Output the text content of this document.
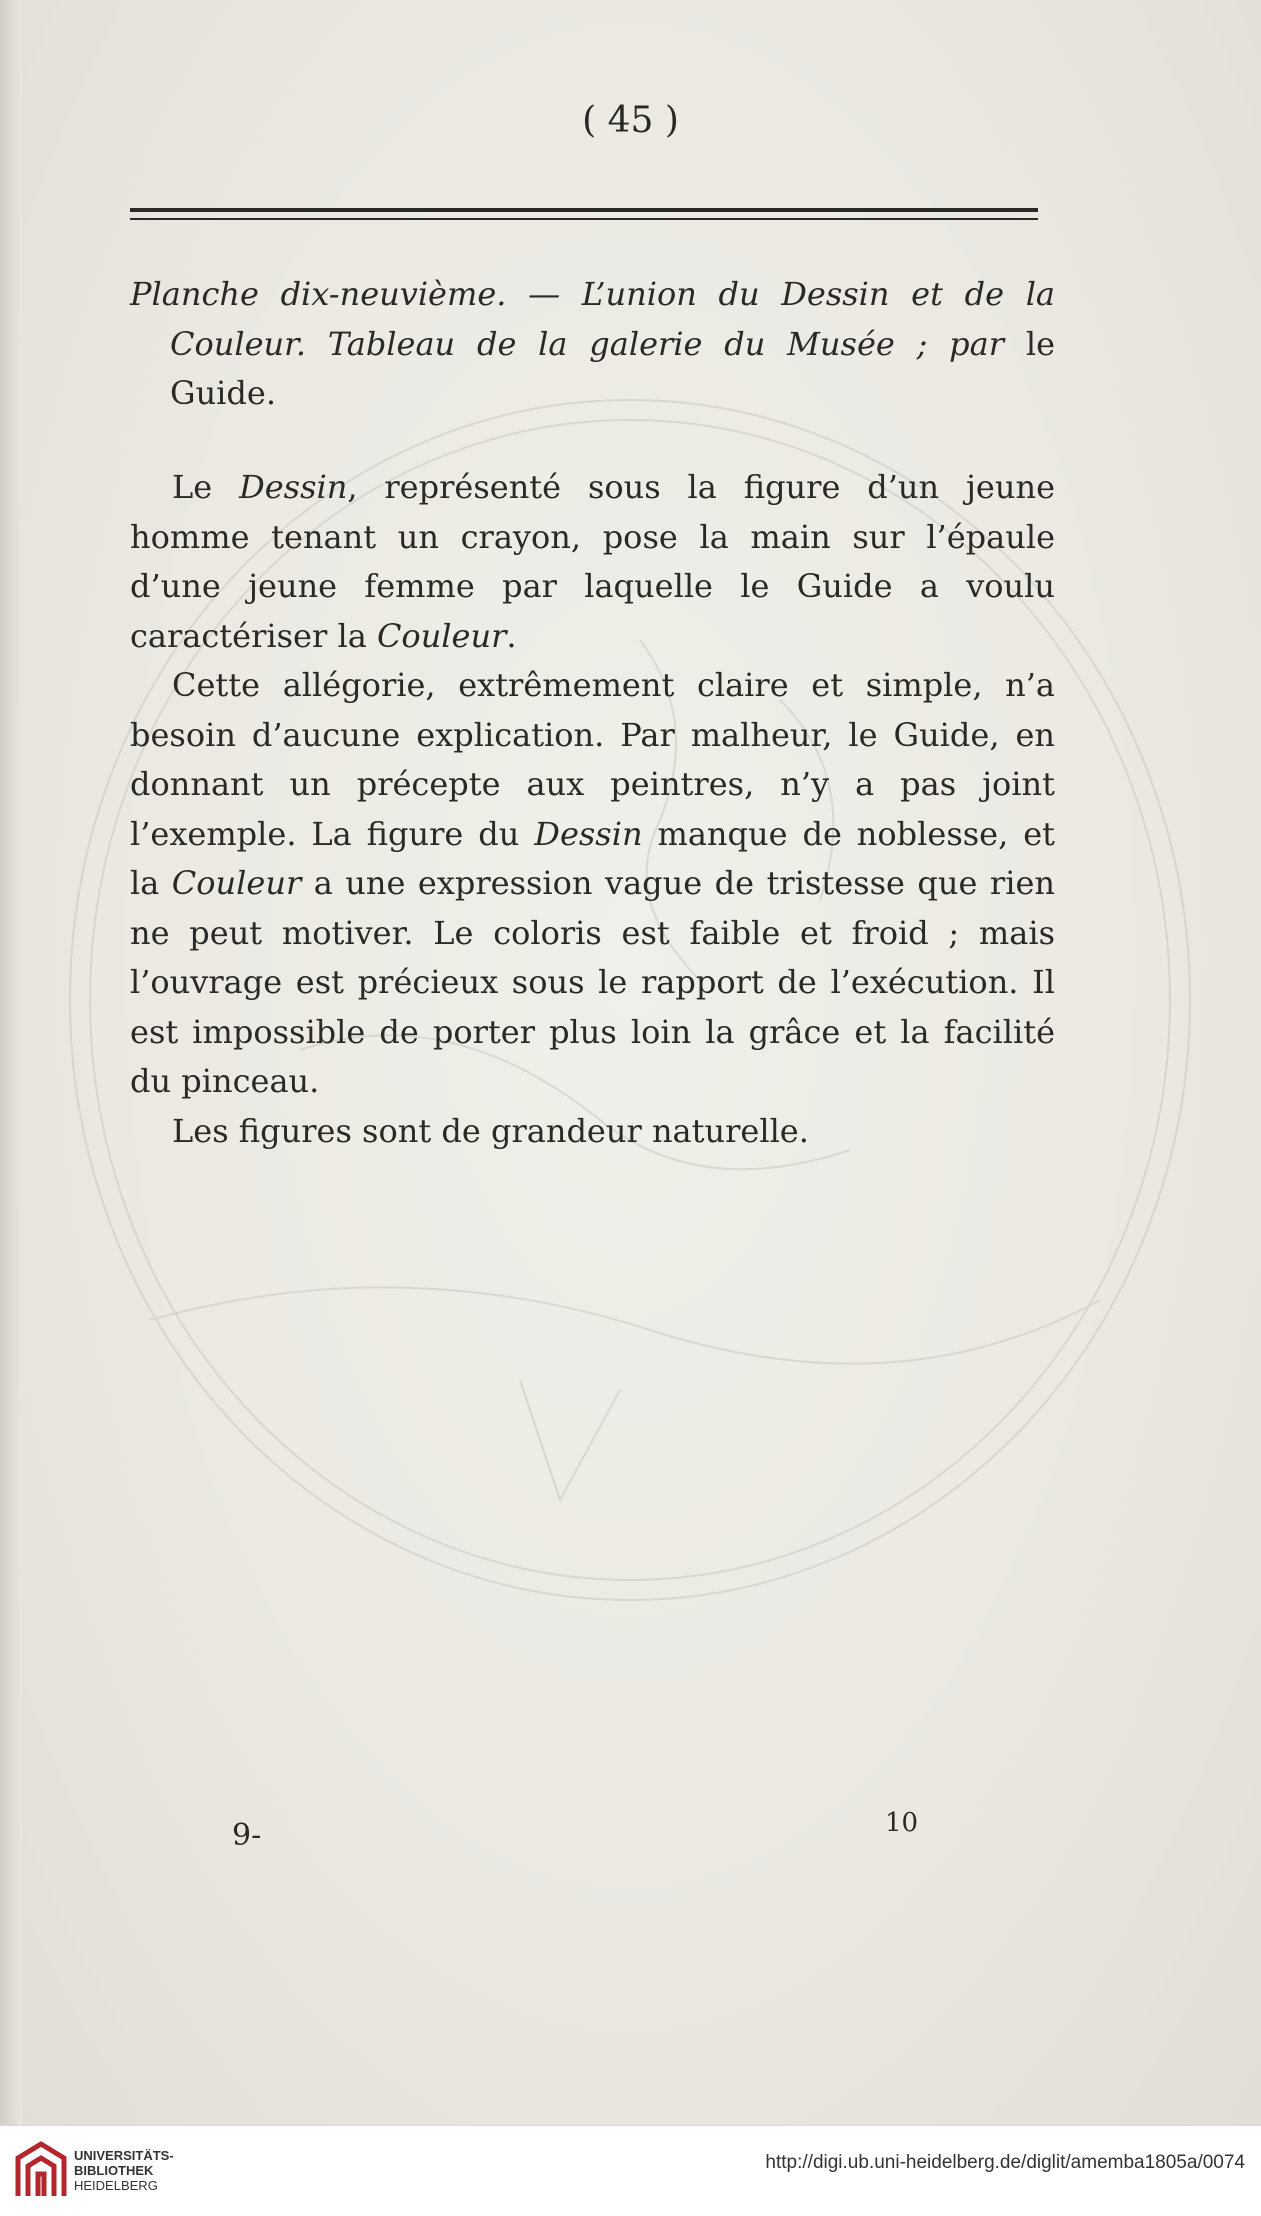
( 45 )
Planche dix-neuvième. — L’union du Dessin et de la
Couleur. Tableau de la galerie du Musée ; par le
Guide.

Le Dessin, représenté sous la figure d’un jeune homme tenant un crayon, pose la main sur l’épaule d’une jeune femme par laquelle le Guide a voulu caractériser la Couleur.

Cette allégorie, extrêmement claire et simple, n’a besoin d’aucune explication. Par malheur, le Guide, en donnant un précepte aux peintres, n’y a pas joint l’exemple. La figure du Dessin manque de noblesse, et la Couleur a une expression vague de tristesse que rien ne peut motiver. Le coloris est faible et froid ; mais l’ouvrage est précieux sous le rapport de l’exécution. Il est impossible de porter plus loin la grâce et la facilité du pinceau.

Les figures sont de grandeur naturelle.

9-	10
UNIVERSITÄTS-
BIBLIOTHEK
HEIDELBERG
http://digi.ub.uni-heidelberg.de/diglit/amemba1805a/0074
